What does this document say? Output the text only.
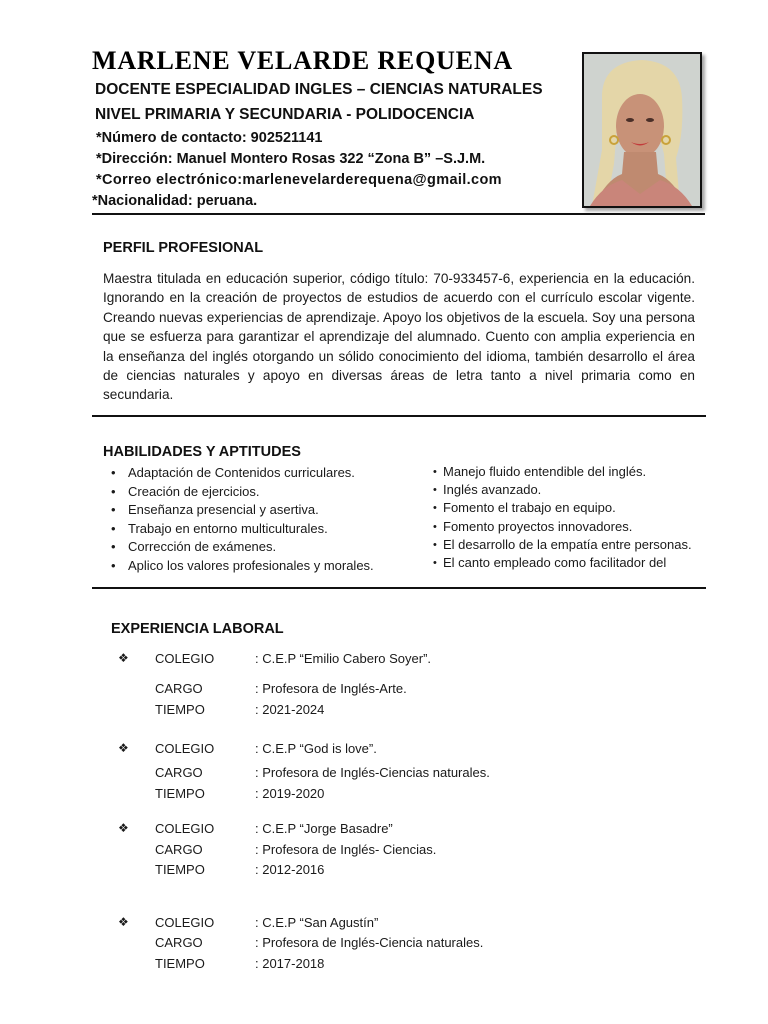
MARLENE VELARDE REQUENA
DOCENTE ESPECIALIDAD INGLES – CIENCIAS NATURALES
NIVEL PRIMARIA Y SECUNDARIA - POLIDOCENCIA
*Número de contacto: 902521141
*Dirección: Manuel Montero Rosas 322 “Zona B” –S.J.M.
*Correo electrónico:marlenevelarderequena@gmail.com
*Nacionalidad: peruana.
PERFIL PROFESIONAL
Maestra titulada en educación superior, código título: 70-933457-6, experiencia en la educación. Ignorando en la creación de proyectos de estudios de acuerdo con el currículo escolar vigente. Creando nuevas experiencias de aprendizaje. Apoyo los objetivos de la escuela. Soy una persona que se esfuerza para garantizar el aprendizaje del alumnado. Cuento con amplia experiencia en la enseñanza del inglés otorgando un sólido conocimiento del idioma, también desarrollo el área de ciencias naturales y apoyo en diversas áreas de letra tanto a nivel primaria como en secundaria.
HABILIDADES Y APTITUDES
• Adaptación de Contenidos curriculares.
• Creación de ejercicios.
• Enseñanza presencial y asertiva.
• Trabajo en entorno multiculturales.
• Corrección de exámenes.
• Aplico los valores profesionales y morales.
• Manejo fluido entendible del inglés.
• Inglés avanzado.
• Fomento el trabajo en equipo.
• Fomento proyectos innovadores.
• El desarrollo de la empatía entre personas.
• El canto empleado como facilitador del
EXPERIENCIA LABORAL
❖ COLEGIO	: C.E.P “Emilio Cabero Soyer”.
CARGO	: Profesora de Inglés-Arte.
TIEMPO	: 2021-2024
❖ COLEGIO	: C.E.P “God is love”.
CARGO	: Profesora de Inglés-Ciencias naturales.
TIEMPO	: 2019-2020
❖ COLEGIO	: C.E.P “Jorge Basadre”
CARGO	: Profesora de Inglés- Ciencias.
TIEMPO	: 2012-2016
❖ COLEGIO	: C.E.P “San Agustín”
CARGO	: Profesora de Inglés-Ciencia naturales.
TIEMPO	: 2017-2018
